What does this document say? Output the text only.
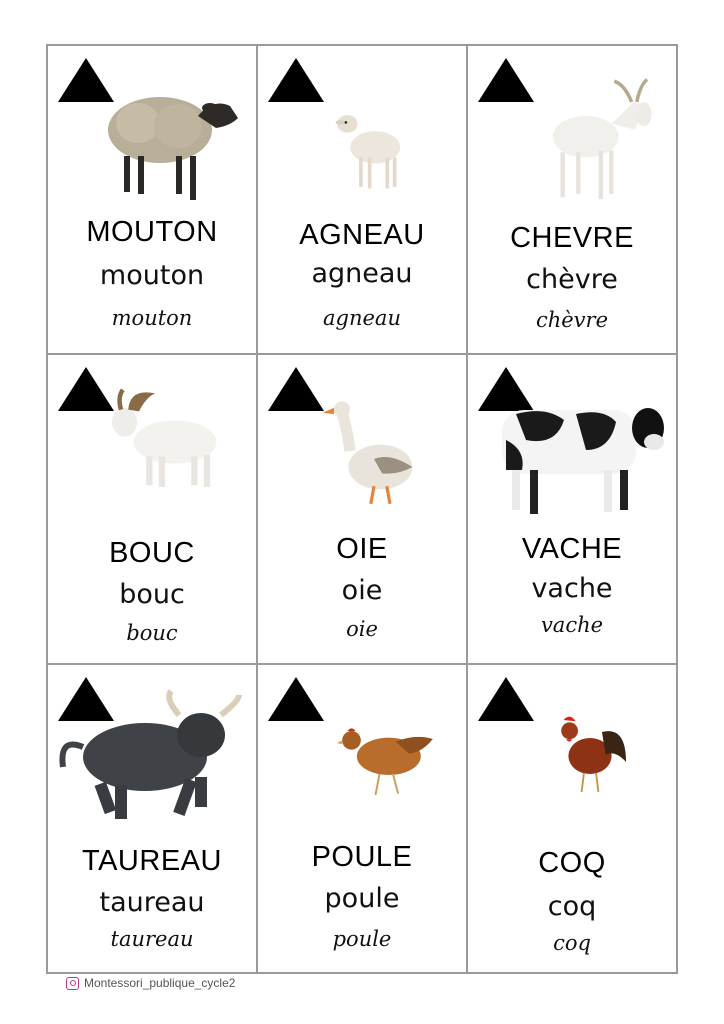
MOUTON
mouton
mouton
AGNEAU
agneau
agneau
CHEVRE
chèvre
chèvre
BOUC
bouc
bouc
OIE
oie
oie
VACHE
vache
vache
TAUREAU
taureau
taureau
POULE
poule
poule
COQ
coq
coq
Montessori_publique_cycle2
